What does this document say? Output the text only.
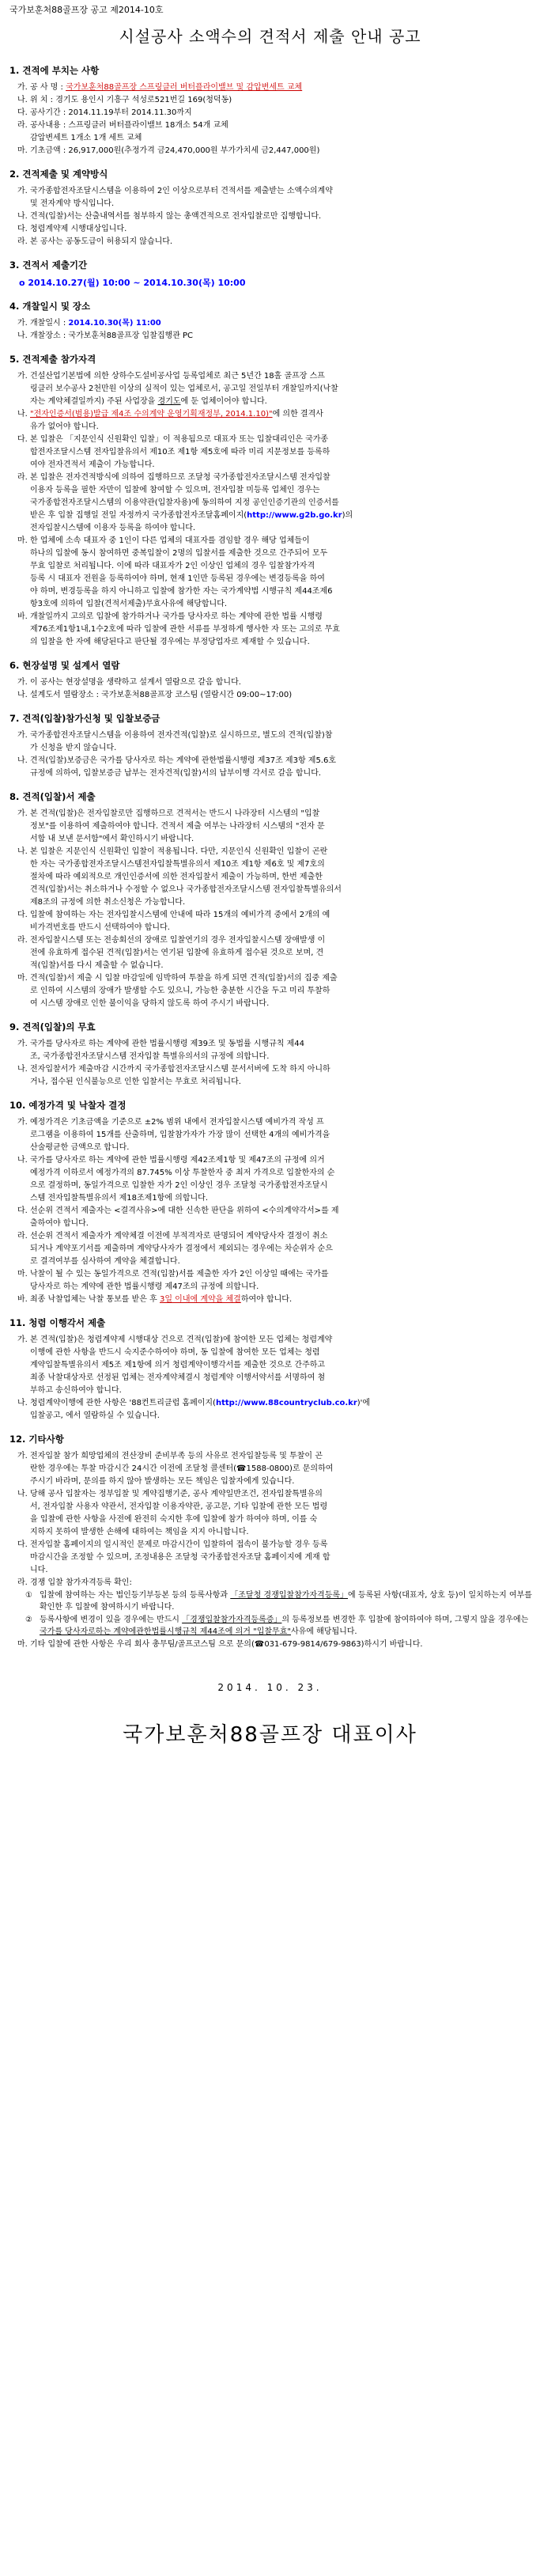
국가보훈처88골프장 공고 제2014-10호
시설공사 소액수의 견적서 제출 안내 공고
1. 견적에 부치는 사항
가. 공 사 명 : 국가보훈처88골프장 스프링클러 버터플라이밸브 및 감압변세트 교체
나. 위 치 : 경기도 용인시 기흥구 석성로521번길 169(청덕동)
다. 공사기간 : 2014.11.19부터 2014.11.30까지
라. 공사내용 : 스프링클러 버터플라이밸브 18개소 54개 교체
감압변세트 1개소 1개 세트 교체
마. 기초금액 : 26,917,000원(추정가격 금24,470,000원 부가가치세 금2,447,000원)
2. 견적제출 및 계약방식
가. 국가종합전자조달시스템을 이용하여 2인 이상으로부터 견적서를 제출받는 소액수의계약
및 전자계약 방식입니다.
나. 견적(입찰)서는 산출내역서를 첨부하지 않는 총액견적으로 전자입찰로만 집행합니다.
다. 청렴계약제 시행대상입니다.
라. 본 공사는 공동도급이 허용되지 않습니다.
3. 견적서 제출기간
o 2014.10.27(월) 10:00 ~ 2014.10.30(목) 10:00
4. 개찰일시 및 장소
가. 개찰일시 : 2014.10.30(목) 11:00
나. 개찰장소 : 국가보훈처88골프장 입찰집행관 PC
5. 견적제출 참가자격
가. 건설산업기본법에 의한 상하수도설비공사업 등록업체로 최근 5년간 18홀 골프장 스프
링클러 보수공사 2천만원 이상의 실적이 있는 업체로서, 공고일 전일부터 개찰일까지(낙찰
자는 계약체결일까지) 주된 사업장을 경기도에 둔 업체이어야 합니다.
나. "전자인증서(범용)발급 제4조 수의계약 운영기획재정부, 2014.1.10)"에 의한 결격사
유가 없어야 합니다.
다. 본 입찰은 「지문인식 신원확인 입찰」이 적용됨으로 대표자 또는 입찰대리인은 국가종
합전자조달시스템 전자입찰유의서 제10조 제1항 제5호에 따라 미리 지문정보를 등록하
여야 전자견적서 제출이 가능합니다.
라. 본 입찰은 전자견적방식에 의하여 집행하므로 조달청 국가종합전자조달시스템 전자입찰
이용자 등록을 필한 자만이 입찰에 참여할 수 있으며, 전자입찰 미등록 업체인 경우는
국가종합전자조달시스템의 이용약관(입찰자용)에 동의하여 지정 공인인증기관의 인증서를
받은 후 입찰 집행일 전일 자정까지 국가종합전자조달홈페이지(http://www.g2b.go.kr)의
전자입찰시스템에 이용자 등록을 하여야 합니다.
마. 한 업체에 소속 대표자 중 1인이 다른 업체의 대표자를 겸임할 경우 해당 업체들이
하나의 입찰에 동시 참여하면 중복입찰이 2명의 입찰서를 제출한 것으로 간주되어 모두
무효 입찰로 처리됩니다. 이에 따라 대표자가 2인 이상인 업체의 경우 입찰참가자격
등록 시 대표자 전원을 등록하여야 하며, 현재 1인만 등록된 경우에는 변경등록을 하여
야 하며, 변경등록을 하지 아니하고 입찰에 참가한 자는 국가계약법 시행규칙 제44조제6
항3호에 의하여 입찰(견적서제출)무효사유에 해당합니다.
바. 개찰일까지 고의로 입찰에 참가하거나 국가를 당사자로 하는 계약에 관한 법률 시행령
제76조제1항1내,1수2호에 따라 입찰에 관한 서류를 부정하게 행사한 자 또는 고의로 무효
의 입찰을 한 자에 해당된다고 판단될 경우에는 부정당업자로 제재할 수 있습니다.
6. 현장설명 및 설계서 열람
가. 이 공사는 현장설명을 생략하고 설계서 열람으로 갈음 합니다.
나. 설계도서 열람장소 : 국가보훈처88골프장 코스팀 (열람시간 09:00~17:00)
7. 견적(입찰)참가신청 및 입찰보증금
가. 국가종합전자조달시스템을 이용하여 전자견적(입찰)로 실시하므로, 별도의 견적(입찰)참
가 신청을 받지 않습니다.
나. 견적(입찰)보증금은 국가를 당사자로 하는 계약에 관한법률시행령 제37조 제3항 제5.6호
규정에 의하여, 입찰보증금 납부는 전자견적(입찰)서의 납부이행 각서로 갈음 합니다.
8. 견적(입찰)서 제출
가. 본 견적(입찰)은 전자입찰로만 집행하므로 견적서는 반드시 나라장터 시스템의 "입찰
정보"를 이용하여 제출하여야 합니다. 견적서 제출 여부는 나라장터 시스템의 "전자 문
서함 내 보낸 문서함"에서 확인하시기 바랍니다.
나. 본 입찰은 지문인식 신원확인 입찰이 적용됩니다. 다만, 지문인식 신원확인 입찰이 곤란
한 자는 국가종합전자조달시스템전자입찰특별유의서 제10조 제1항 제6호 및 제7호의
절차에 따라 예외적으로 개인인증서에 의한 전자입찰서 제출이 가능하며, 한번 제출한
견적(입찰)서는 취소하거나 수정할 수 없으나 국가종합전자조달시스템 전자입찰특별유의서
제8조의 규정에 의한 취소신청은 가능합니다.
다. 입찰에 참여하는 자는 전자입찰시스템에 안내에 따라 15개의 예비가격 중에서 2개의 예
비가격번호를 반드시 선택하여야 합니다.
라. 전자입찰시스템 또는 전송회선의 장애로 입찰연기의 경우 전자입찰시스템 장애발생 이
전에 유효하게 접수된 견적(입찰)서는 연기된 입찰에 유효하게 접수된 것으로 보며, 견
적(입찰)서를 다시 제출할 수 없습니다.
마. 견적(입찰)서 제출 시 입찰 마감일에 임박하여 투찰을 하게 되면 견적(입찰)서의 집중 제출
로 인하여 시스템의 장애가 발생할 수도 있으니, 가능한 충분한 시간을 두고 미리 투찰하
여 시스템 장애로 인한 불이익을 당하지 않도록 하여 주시기 바랍니다.
9. 견적(입찰)의 무효
가. 국가를 당사자로 하는 계약에 관한 법률시행령 제39조 및 동법률 시행규칙 제44
조, 국가종합전자조달시스템 전자입찰 특별유의서의 규정에 의합니다.
나. 전자입찰서가 제출마감 시간까지 국가종합전자조달시스템 문서서버에 도착 하지 아니하
거나, 접수된 인식불능으로 인한 입찰서는 무효로 처리됩니다.
10. 예정가격 및 낙찰자 결정
가. 예정가격은 기초금액을 기준으로 ±2% 범위 내에서 전자입찰시스템 예비가격 작성 프
로그램을 이용하여 15개를 산출하며, 입찰참가자가 가장 많이 선택한 4개의 예비가격을
산술평균한 금액으로 합니다.
나. 국가를 당사자로 하는 계약에 관한 법률시행령 제42조제1항 및 제47조의 규정에 의거
예정가격 이하로서 예정가격의 87.745% 이상 투찰한자 중 최저 가격으로 입찰한자의 순
으로 결정하며, 동일가격으로 입찰한 자가 2인 이상인 경우 조달청 국가종합전자조달시
스템 전자입찰특별유의서 제18조제1항에 의합니다.
다. 선순위 견적서 제출자는 <결격사유>에 대한 신속한 판단을 위하여 <수의계약각서>를 제
출하여야 합니다.
라. 선순위 견적서 제출자가 계약체결 이전에 부적격자로 판명되어 계약당사자 결정이 취소
되거나 계약포기서를 제출하며 계약당사자가 결정에서 제외되는 경우에는 차순위자 순으
로 결격여부를 심사하여 계약을 체결합니다.
마. 낙찰이 될 수 있는 동일가격으로 견적(입찰)서를 제출한 자가 2인 이상일 때에는 국가를
당사자로 하는 계약에 관한 법률시행령 제47조의 규정에 의합니다.
바. 최종 낙찰업체는 낙찰 통보를 받은 후 3일 이내에 계약을 체결하여야 합니다.
11. 청렴 이행각서 제출
가. 본 견적(입찰)은 청렴계약제 시행대상 건으로 견적(입찰)에 참여한 모든 업체는 청렴계약
이행에 관한 사항을 반드시 숙지준수하여야 하며, 동 입찰에 참여한 모든 업체는 청렴
계약입찰특별유의서 제5조 제1항에 의거 청렴계약이행각서를 제출한 것으로 간주하고
최종 낙찰대상자로 선정된 업체는 전자계약체결시 청렴계약 이행서약서를 서명하여 첨
부하고 송신하여야 합니다.
나. 청렴계약이행에 관한 사항은 '88컨트리클럽 홈페이지(http://www.88countryclub.co.kr)'에
입찰공고, 에서 열람하실 수 있습니다.
12. 기타사항
가. 전자입찰 참가 희망업체의 전산장비 준비부족 등의 사유로 전자입찰등록 및 투찰이 곤
란한 경우에는 투찰 마감시간 24시간 이전에 조달청 콜센터(☎1588-0800)로 문의하여
주시기 바라며, 문의를 하지 않아 발생하는 모든 책임은 입찰자에게 있습니다.
나. 당해 공사 입찰자는 정부입찰 및 계약집행기준, 공사 계약일반조건, 전자입찰특별유의
서, 전자입찰 사용자 약관서, 전자입찰 이용자약관, 공고문, 기타 입찰에 관한 모든 법령
을 입찰에 관한 사항을 사전에 완전히 숙지한 후에 입찰에 참가 하여야 하며, 이를 숙
지하지 못하여 발생한 손해에 대하여는 책임을 지지 아니합니다.
다. 전자입찰 홈페이지의 일시적인 문제로 마감시간이 입찰하여 접속이 불가능할 경우 등록
마감시간을 조정할 수 있으며, 조정내용은 조달청 국가종합전자조달 홈페이지에 게재 합
니다.
라. 경쟁 입찰 참가자격등록 확인:
① 입찰에 참여하는 자는 법인등기부등본 등의 등록사항과 「조달청 경쟁입찰참가자격등록」에 등록된 사항(대표자, 상호 등)이 일치하는지 여부를 확인한 후 입찰에 참여하시기 바랍니다.
② 등록사항에 변경이 있을 경우에는 반드시 「경쟁입찰참가자격등록증」의 등록정보를 변경한 후 입찰에 참여하여야 하며, 그렇지 않을 경우에는 국가를 당사자로하는 계약에관한법률시행규칙 제44조에 의거 "입찰무효"사유에 해당됩니다.
마. 기타 입찰에 관한 사항은 우리 회사 총무팀/골프코스팀 으로 문의(☎031-679-9814/679-9863)하시기 바랍니다.
2014. 10. 23.
국가보훈처88골프장 대표이사
